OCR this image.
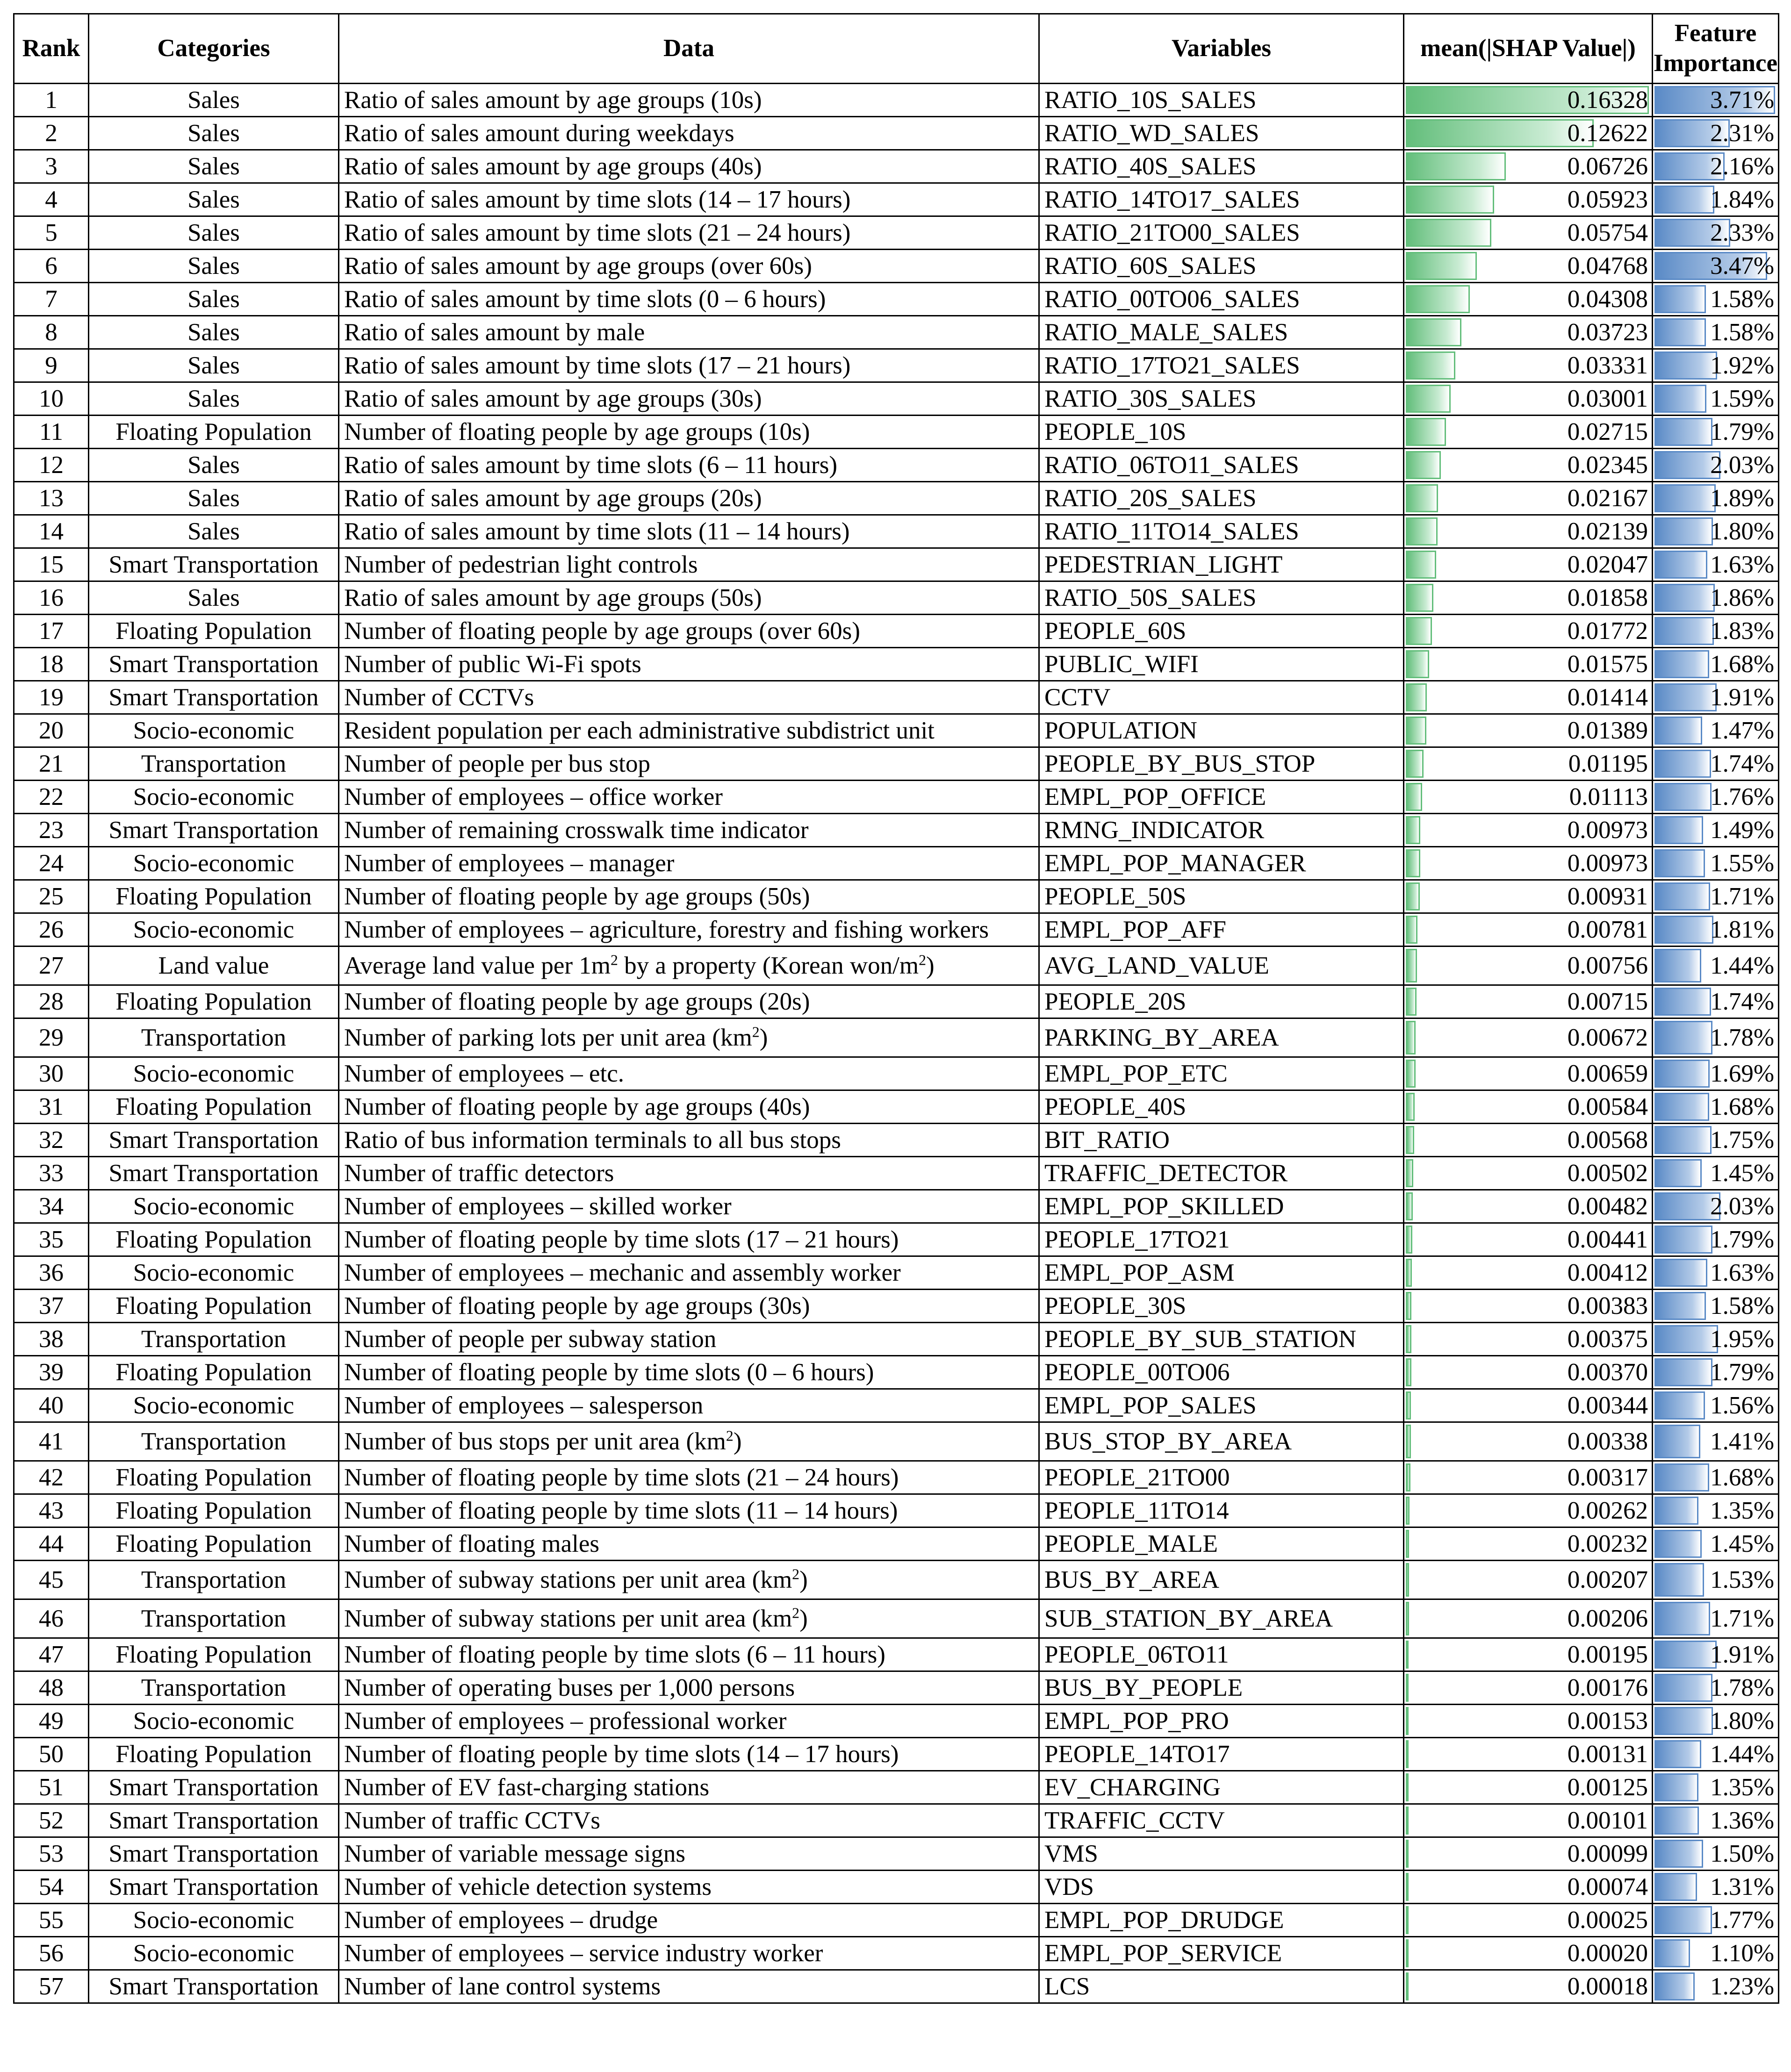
Rank	Categories	Data	Variables	mean(|SHAP Value|)	Feature
Importance
1	Sales	Ratio of sales amount by age groups (10s)	RATIO_10S_SALES	0.16328	3.71%
2	Sales	Ratio of sales amount during weekdays	RATIO_WD_SALES	0.12622	2.31%
3	Sales	Ratio of sales amount by age groups (40s)	RATIO_40S_SALES	0.06726	2.16%
4	Sales	Ratio of sales amount by time slots (14 – 17 hours)	RATIO_14TO17_SALES	0.05923	1.84%
5	Sales	Ratio of sales amount by time slots (21 – 24 hours)	RATIO_21TO00_SALES	0.05754	2.33%
6	Sales	Ratio of sales amount by age groups (over 60s)	RATIO_60S_SALES	0.04768	3.47%
7	Sales	Ratio of sales amount by time slots (0 – 6 hours)	RATIO_00TO06_SALES	0.04308	1.58%
8	Sales	Ratio of sales amount by male	RATIO_MALE_SALES	0.03723	1.58%
9	Sales	Ratio of sales amount by time slots (17 – 21 hours)	RATIO_17TO21_SALES	0.03331	1.92%
10	Sales	Ratio of sales amount by age groups (30s)	RATIO_30S_SALES	0.03001	1.59%
11	Floating Population	Number of floating people by age groups (10s)	PEOPLE_10S	0.02715	1.79%
12	Sales	Ratio of sales amount by time slots (6 – 11 hours)	RATIO_06TO11_SALES	0.02345	2.03%
13	Sales	Ratio of sales amount by age groups (20s)	RATIO_20S_SALES	0.02167	1.89%
14	Sales	Ratio of sales amount by time slots (11 – 14 hours)	RATIO_11TO14_SALES	0.02139	1.80%
15	Smart Transportation	Number of pedestrian light controls	PEDESTRIAN_LIGHT	0.02047	1.63%
16	Sales	Ratio of sales amount by age groups (50s)	RATIO_50S_SALES	0.01858	1.86%
17	Floating Population	Number of floating people by age groups (over 60s)	PEOPLE_60S	0.01772	1.83%
18	Smart Transportation	Number of public Wi-Fi spots	PUBLIC_WIFI	0.01575	1.68%
19	Smart Transportation	Number of CCTVs	CCTV	0.01414	1.91%
20	Socio-economic	Resident population per each administrative subdistrict unit	POPULATION	0.01389	1.47%
21	Transportation	Number of people per bus stop	PEOPLE_BY_BUS_STOP	0.01195	1.74%
22	Socio-economic	Number of employees – office worker	EMPL_POP_OFFICE	0.01113	1.76%
23	Smart Transportation	Number of remaining crosswalk time indicator	RMNG_INDICATOR	0.00973	1.49%
24	Socio-economic	Number of employees – manager	EMPL_POP_MANAGER	0.00973	1.55%
25	Floating Population	Number of floating people by age groups (50s)	PEOPLE_50S	0.00931	1.71%
26	Socio-economic	Number of employees – agriculture, forestry and fishing workers	EMPL_POP_AFF	0.00781	1.81%
27	Land value	Average land value per $1m^2$ by a property (Korean won/$m^2$)	AVG_LAND_VALUE	0.00756	1.44%
28	Floating Population	Number of floating people by age groups (20s)	PEOPLE_20S	0.00715	1.74%
29	Transportation	Number of parking lots per unit area $(km^2)$	PARKING_BY_AREA	0.00672	1.78%
30	Socio-economic	Number of employees – etc.	EMPL_POP_ETC	0.00659	1.69%
31	Floating Population	Number of floating people by age groups (40s)	PEOPLE_40S	0.00584	1.68%
32	Smart Transportation	Ratio of bus information terminals to all bus stops	BIT_RATIO	0.00568	1.75%
33	Smart Transportation	Number of traffic detectors	TRAFFIC_DETECTOR	0.00502	1.45%
34	Socio-economic	Number of employees – skilled worker	EMPL_POP_SKILLED	0.00482	2.03%
35	Floating Population	Number of floating people by time slots (17 – 21 hours)	PEOPLE_17TO21	0.00441	1.79%
36	Socio-economic	Number of employees – mechanic and assembly worker	EMPL_POP_ASM	0.00412	1.63%
37	Floating Population	Number of floating people by age groups (30s)	PEOPLE_30S	0.00383	1.58%
38	Transportation	Number of people per subway station	PEOPLE_BY_SUB_STATION	0.00375	1.95%
39	Floating Population	Number of floating people by time slots (0 – 6 hours)	PEOPLE_00TO06	0.00370	1.79%
40	Socio-economic	Number of employees – salesperson	EMPL_POP_SALES	0.00344	1.56%
41	Transportation	Number of bus stops per unit area $(km^2)$	BUS_STOP_BY_AREA	0.00338	1.41%
42	Floating Population	Number of floating people by time slots (21 – 24 hours)	PEOPLE_21TO00	0.00317	1.68%
43	Floating Population	Number of floating people by time slots (11 – 14 hours)	PEOPLE_11TO14	0.00262	1.35%
44	Floating Population	Number of floating males	PEOPLE_MALE	0.00232	1.45%
45	Transportation	Number of subway stations per unit area $(km^2)$	BUS_BY_AREA	0.00207	1.53%
46	Transportation	Number of subway stations per unit area $(km^2)$	SUB_STATION_BY_AREA	0.00206	1.71%
47	Floating Population	Number of floating people by time slots (6 – 11 hours)	PEOPLE_06TO11	0.00195	1.91%
48	Transportation	Number of operating buses per 1,000 persons	BUS_BY_PEOPLE	0.00176	1.78%
49	Socio-economic	Number of employees – professional worker	EMPL_POP_PRO	0.00153	1.80%
50	Floating Population	Number of floating people by time slots (14 – 17 hours)	PEOPLE_14TO17	0.00131	1.44%
51	Smart Transportation	Number of EV fast-charging stations	EV_CHARGING	0.00125	1.35%
52	Smart Transportation	Number of traffic CCTVs	TRAFFIC_CCTV	0.00101	1.36%
53	Smart Transportation	Number of variable message signs	VMS	0.00099	1.50%
54	Smart Transportation	Number of vehicle detection systems	VDS	0.00074	1.31%
55	Socio-economic	Number of employees – drudge	EMPL_POP_DRUDGE	0.00025	1.77%
56	Socio-economic	Number of employees – service industry worker	EMPL_POP_SERVICE	0.00020	1.10%
57	Smart Transportation	Number of lane control systems	LCS	0.00018	1.23%
